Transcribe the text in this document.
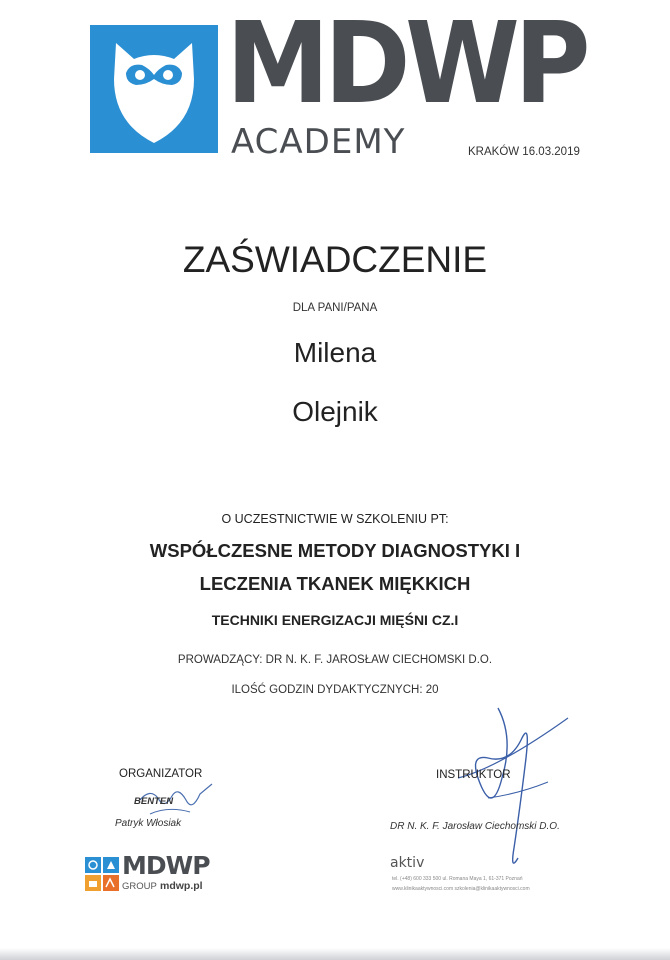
MDWP
ACADEMY	KRAKÓW 16.03.2019
ZAŚWIADCZENIE
DLA PANI/PANA
Milena
Olejnik
O UCZESTNICTWIE W SZKOLENIU PT:
WSPÓŁCZESNE METODY DIAGNOSTYKI I
LECZENIA TKANEK MIĘKKICH
TECHNIKI ENERGIZACJI MIĘŚNI CZ.I
PROWADZĄCY: DR N. K. F. JAROSŁAW CIECHOMSKI D.O.
ILOŚĆ GODZIN DYDAKTYCZNYCH: 20
ORGANIZATOR
BENTEN
Patryk Włosiak
INSTRUKTOR
DR N. K. F. Jarosław Ciechomski D.O.
MDWP
GROUP mdwp.pl
aktiv
tel. (+48) 600 333 500 ul. Romana Maya 1, 61-371 Poznań
www.klinikaaktywnosci.com szkolenia@klinikaaktywnosci.com
